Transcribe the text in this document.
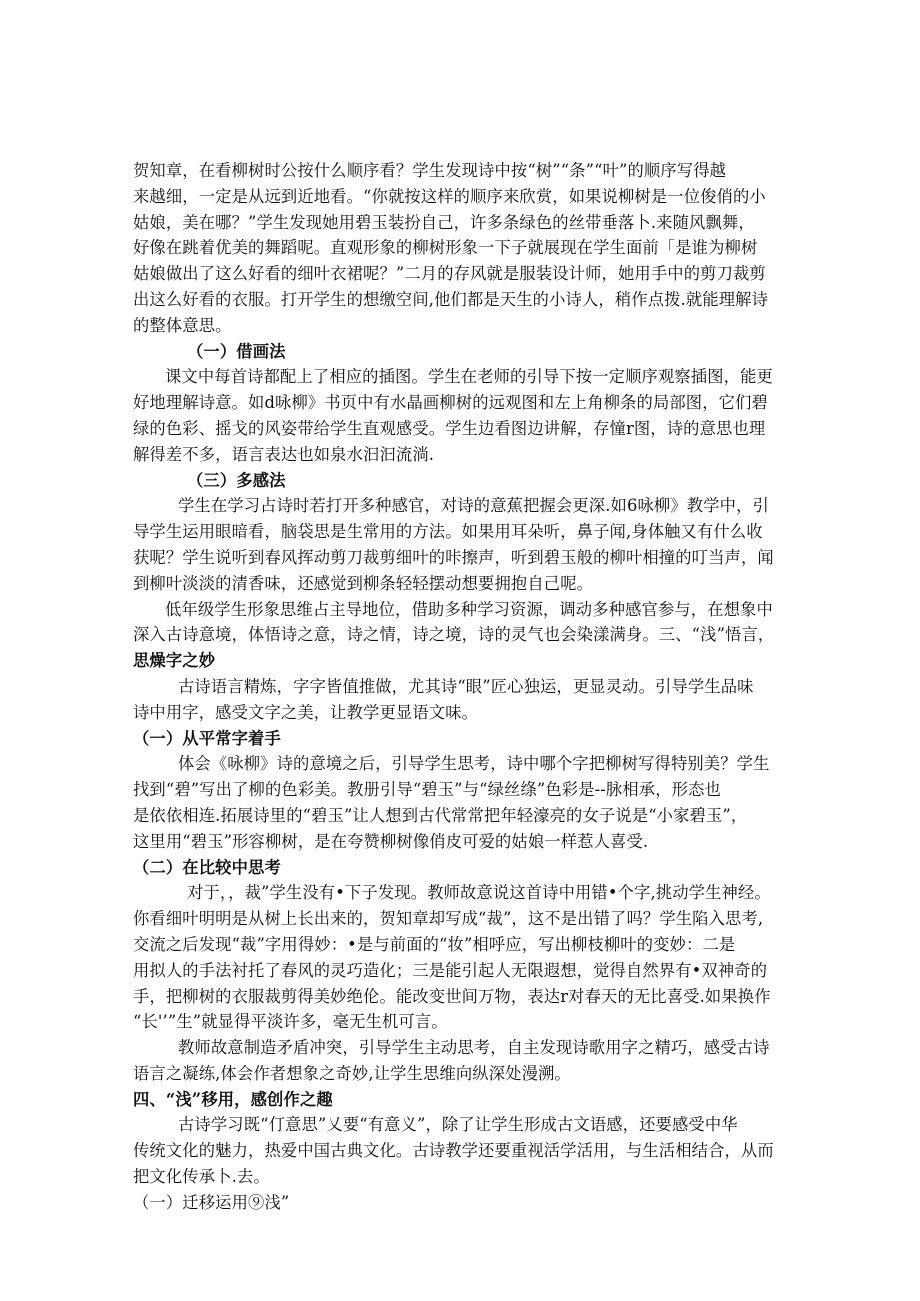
贺知章，在看柳树时公按什么顺序看？学生发现诗中按“树”“条”“叶”的顺序写得越
来越细，一定是从远到近地看。“你就按这样的顺序来欣赏，如果说柳树是一位俊俏的小
姑娘，美在哪？”学生发现她用碧玉装扮自己，许多条绿色的丝带垂落卜.来随风飘舞，
好像在跳着优美的舞蹈呢。直观形象的柳树形象一下子就展现在学生面前「是谁为柳树
姑娘做出了这么好看的细叶衣裙呢？”二月的存风就是服装设计师，她用手中的剪刀裁剪
出这么好看的衣服。打开学生的想缴空间,他们都是天生的小诗人，稍作点拨.就能理解诗
的整体意思。
（一）借画法
课文中每首诗都配上了相应的插图。学生在老师的引导下按一定顺序观察插图，能更
好地理解诗意。如d咏柳》书页中有水晶画柳树的远观图和左上角柳条的局部图，它们碧
绿的色彩、摇戈的风姿带给学生直观感受。学生边看图边讲解，存憧r图，诗的意思也理
解得差不多，语言表达也如泉水汩汩流淌.
（三）多感法
学生在学习占诗时若打开多种感官，对诗的意蕉把握会更深.如6咏柳》教学中，引
导学生运用眼暗看，脑袋思是生常用的方法。如果用耳朵听，鼻子闻,身体触又有什么收
获呢？学生说听到春风挥动剪刀裁剪细叶的咔擦声，听到碧玉般的柳叶相撞的叮当声，闻
到柳叶淡淡的清香味，还感觉到柳条轻轻摆动想要拥抱自己呢。
低年级学生形象思维占主导地位，借助多种学习资源，调动多种感官参与，在想象中
深入古诗意境，体悟诗之意，诗之情，诗之境，诗的灵气也会染漾满身。三、“浅”悟言，
思燥字之妙
古诗语言精炼，字字皆值推做，尤其诗“眼”匠心独运，更显灵动。引导学生品味
诗中用字，感受文字之美，让教学更显语文味。
（一）从平常字着手
体会《咏柳》诗的意境之后，引导学生思考，诗中哪个字把柳树写得特别美？学生
找到“碧”写出了柳的色彩美。教册引导“碧玉”与“绿丝绦”色彩是--脉相承，形态也
是依依相连.拓展诗里的“碧玉”让人想到古代常常把年轻濠亮的女子说是“小家碧玉”，
这里用“碧玉”形容柳树，是在夸赞柳树像俏皮可爱的姑娘一样惹人喜受.
（二）在比较中思考
对于，，裁”学生没有•下子发现。教师故意说这首诗中用错•个字,挑动学生神经。
你看细叶明明是从树上长出来的，贺知章却写成“裁”，这不是出错了吗？学生陷入思考,
交流之后发现“裁”字用得妙：•是与前面的“妆”相呼应，写出柳枝柳叶的变妙：二是
用拟人的手法衬托了春风的灵巧造化；三是能引起人无限遐想，觉得自然界有•双神奇的
手，把柳树的衣服裁剪得美妙绝伦。能改变世间万物，表达r对春天的无比喜受.如果换作
“长'’”生”就显得平淡许多，毫无生机可言。
教师故意制造矛盾冲突，引导学生主动思考，自主发现诗歌用字之精巧，感受古诗
语言之凝练,体会作者想象之奇妙,让学生思维向纵深处漫溯。
四、“浅”移用，感创作之趣
古诗学习既“仃意思”乂要“有意义”，除了让学生形成古文语感，还要感受中华
传统文化的魅力，热爱中国古典文化。古诗教学还要重视活学活用，与生活相结合，从而
把文化传承卜.去。
（一）迁移运用⑨浅”
